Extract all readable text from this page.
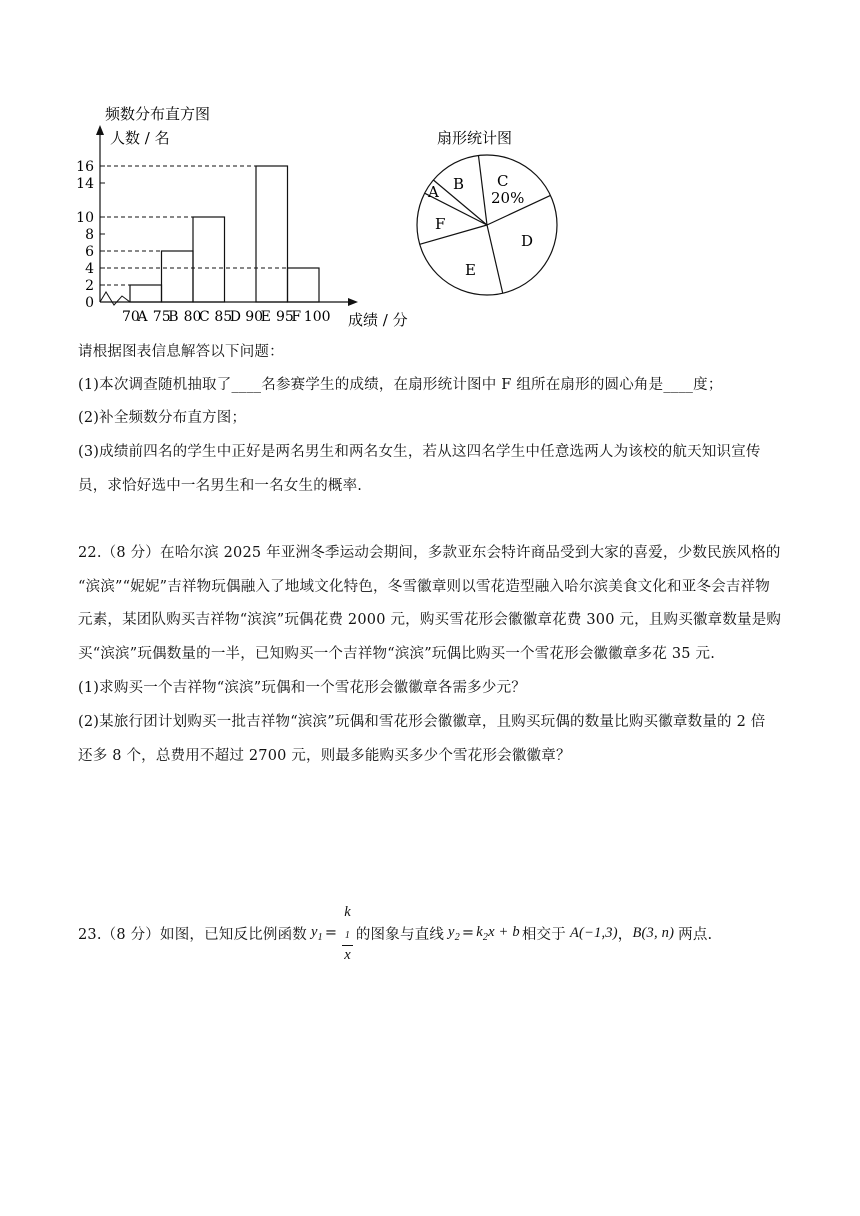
频数分布直方图
人数 / 名
成绩 / 分
0
2
4
6
8
10
14
16
70
A 75
B 80
C 85
D 90
E 95
F 100
扇形统计图
A B C
20%
D
E
F
请根据图表信息解答以下问题：
(1)本次调查随机抽取了____名参赛学生的成绩，在扇形统计图中 F 组所在扇形的圆心角是____度；
(2)补全频数分布直方图；
(3)成绩前四名的学生中正好是两名男生和两名女生，若从这四名学生中任意选两人为该校的航天知识宣传
员，求恰好选中一名男生和一名女生的概率.
22.（8 分）在哈尔滨 2025 年亚洲冬季运动会期间，多款亚东会特许商品受到大家的喜爱，少数民族风格的
“滨滨”“妮妮”吉祥物玩偶融入了地域文化特色，冬雪徽章则以雪花造型融入哈尔滨美食文化和亚冬会吉祥物
元素，某团队购买吉祥物“滨滨”玩偶花费 2000 元，购买雪花形会徽徽章花费 300 元，且购买徽章数量是购
买“滨滨”玩偶数量的一半，已知购买一个吉祥物“滨滨”玩偶比购买一个雪花形会徽徽章多花 35 元.
(1)求购买一个吉祥物“滨滨”玩偶和一个雪花形会徽徽章各需多少元？
(2)某旅行团计划购买一批吉祥物“滨滨”玩偶和雪花形会徽徽章，且购买玩偶的数量比购买徽章数量的 2 倍
还多 8 个，总费用不超过 2700 元，则最多能购买多少个雪花形会徽徽章？
23.（8 分）如图，已知反比例函数 $y_1 = k$
$_1$
x 的图象与直线 $y_2 = k_2x + b$ 相交于 A(−1,3) ， B(3, n) 两点.
